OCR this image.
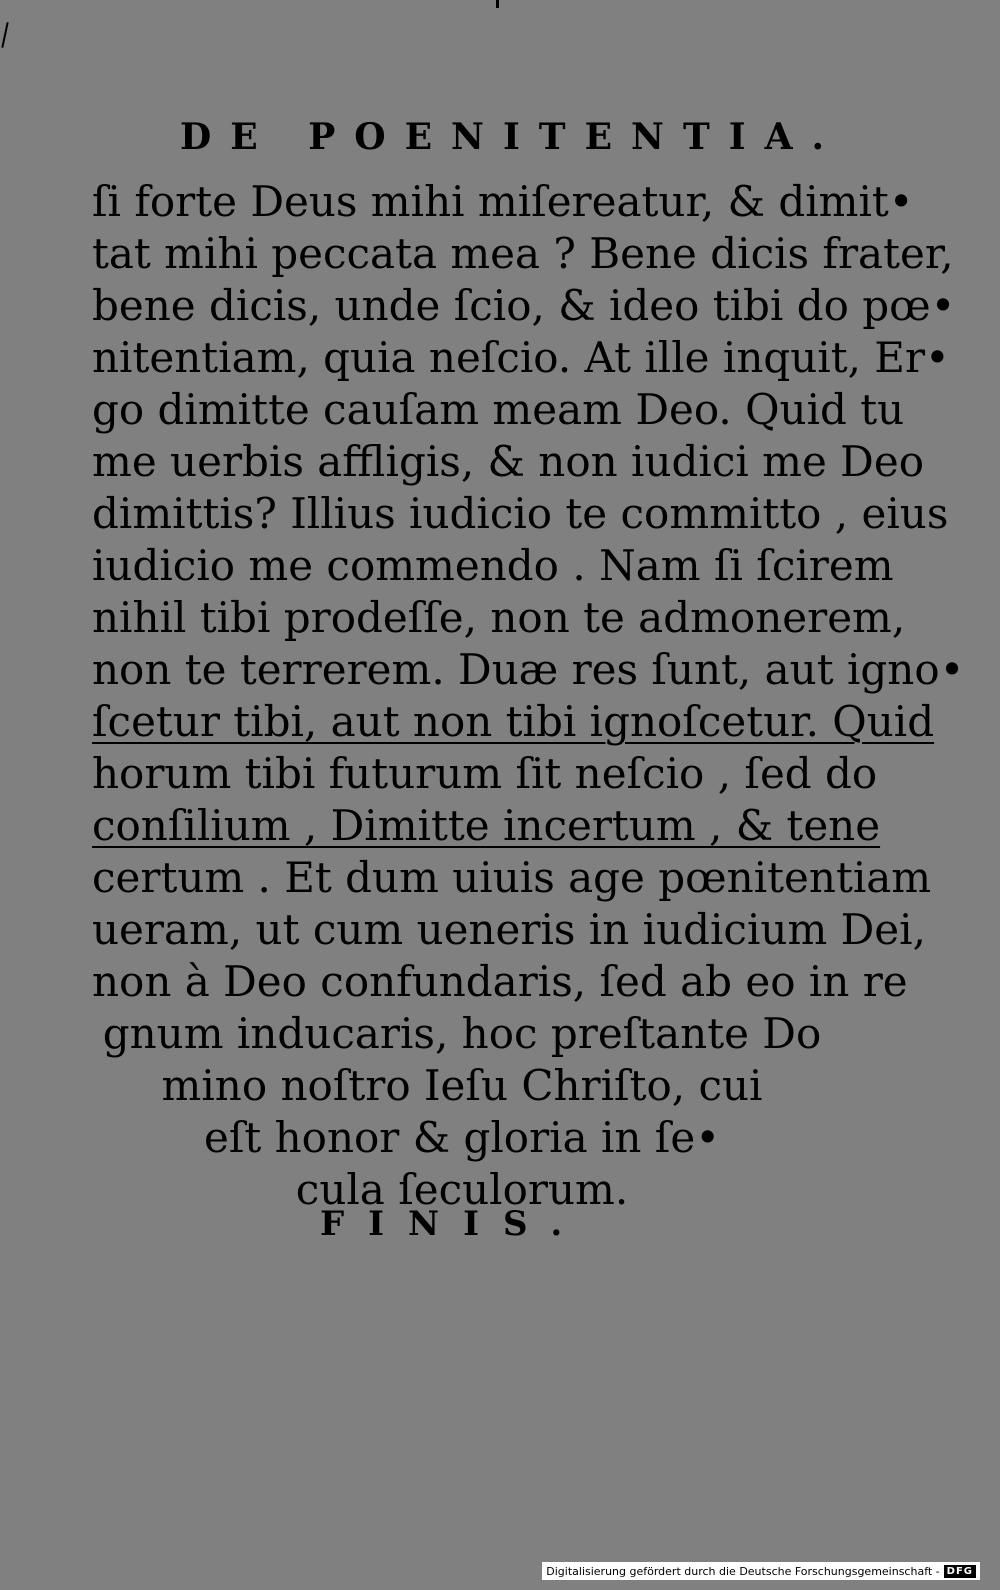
DE POENITENTIA.
ſi forte Deus mihi miſereatur, & dimit•
tat mihi peccata mea ? Bene dicis frater,
bene dicis, unde ſcio, & ideo tibi do pœ•
nitentiam, quia neſcio. At ille inquit, Er•
go dimitte cauſam meam Deo. Quid tu
me uerbis affligis, & non iudici me Deo
dimittis? Illius iudicio te committo , eius
iudicio me commendo . Nam ſi ſcirem
nihil tibi prodeſſe, non te admonerem,
non te terrerem. Duæ res ſunt, aut igno•
ſcetur tibi, aut non tibi ignoſcetur. Quid
horum tibi futurum ſit neſcio , ſed do
conſilium , Dimitte incertum , & tene
certum . Et dum uiuis age pœnitentiam
ueram, ut cum ueneris in iudicium Dei,
non à Deo confundaris, ſed ab eo in re
gnum inducaris, hoc preſtante Do
mino noſtro Ieſu Chriſto, cui
eſt honor & gloria in ſe•
cula ſeculorum.
FINIS.
Digitalisierung gefördert durch die Deutsche Forschungsgemeinschaft - DFG
